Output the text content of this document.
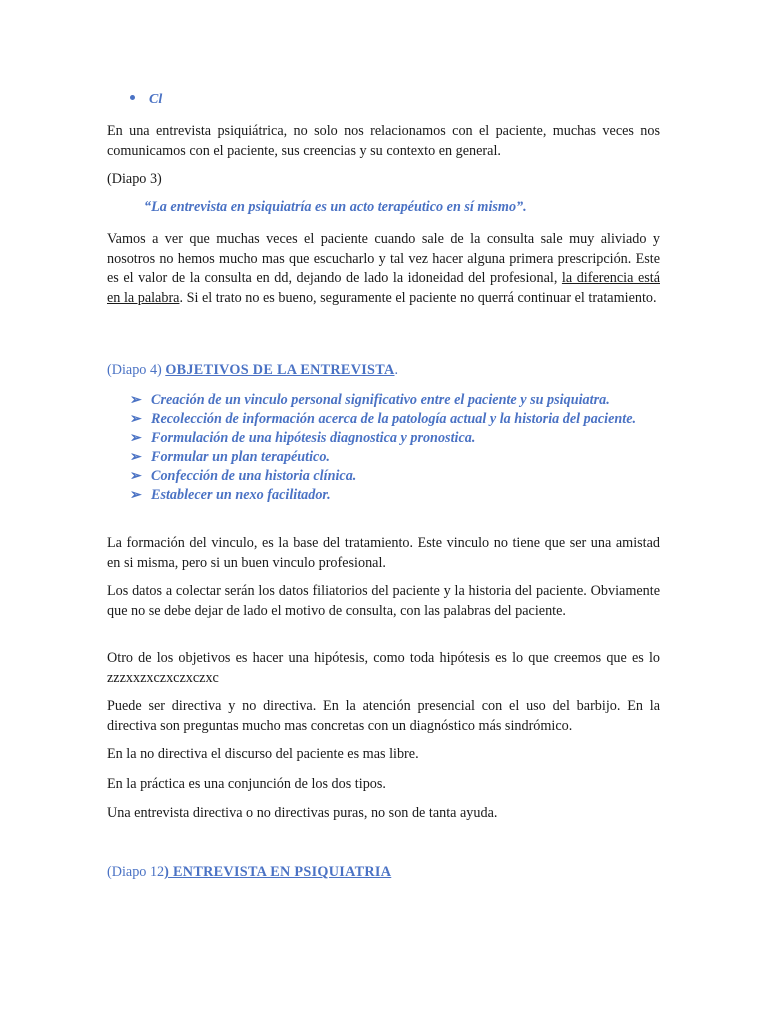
Cl

En una entrevista psiquiátrica, no solo nos relacionamos con el paciente, muchas veces nos comunicamos con el paciente, sus creencias y su contexto en general.

(Diapo 3)

“La entrevista en psiquiatría es un acto terapéutico en sí mismo”.

Vamos a ver que muchas veces el paciente cuando sale de la consulta sale muy aliviado y nosotros no hemos mucho mas que escucharlo y tal vez hacer alguna primera prescripción. Este es el valor de la consulta en dd, dejando de lado la idoneidad del profesional, la diferencia está en la palabra. Si el trato no es bueno, seguramente el paciente no querrá continuar el tratamiento.

(Diapo 4) OBJETIVOS DE LA ENTREVISTA.
➢ Creación de un vinculo personal significativo entre el paciente y su psiquiatra.
➢ Recolección de información acerca de la patología actual y la historia del paciente.
➢ Formulación de una hipótesis diagnostica y pronostica.
➢ Formular un plan terapéutico.
➢ Confección de una historia clínica.
➢ Establecer un nexo facilitador.

La formación del vinculo, es la base del tratamiento. Este vinculo no tiene que ser una amistad en si misma, pero si un buen vinculo profesional.

Los datos a colectar serán los datos filiatorios del paciente y la historia del paciente. Obviamente que no se debe dejar de lado el motivo de consulta, con las palabras del paciente.

Otro de los objetivos es hacer una hipótesis, como toda hipótesis es lo que creemos que es lo zzzxxzxczxczxczxc

Puede ser directiva y no directiva. En la atención presencial con el uso del barbijo. En la directiva son preguntas mucho mas concretas con un diagnóstico más sindrómico.

En la no directiva el discurso del paciente es mas libre.

En la práctica es una conjunción de los dos tipos.

Una entrevista directiva o no directivas puras, no son de tanta ayuda.

(Diapo 12) ENTREVISTA EN PSIQUIATRIA
